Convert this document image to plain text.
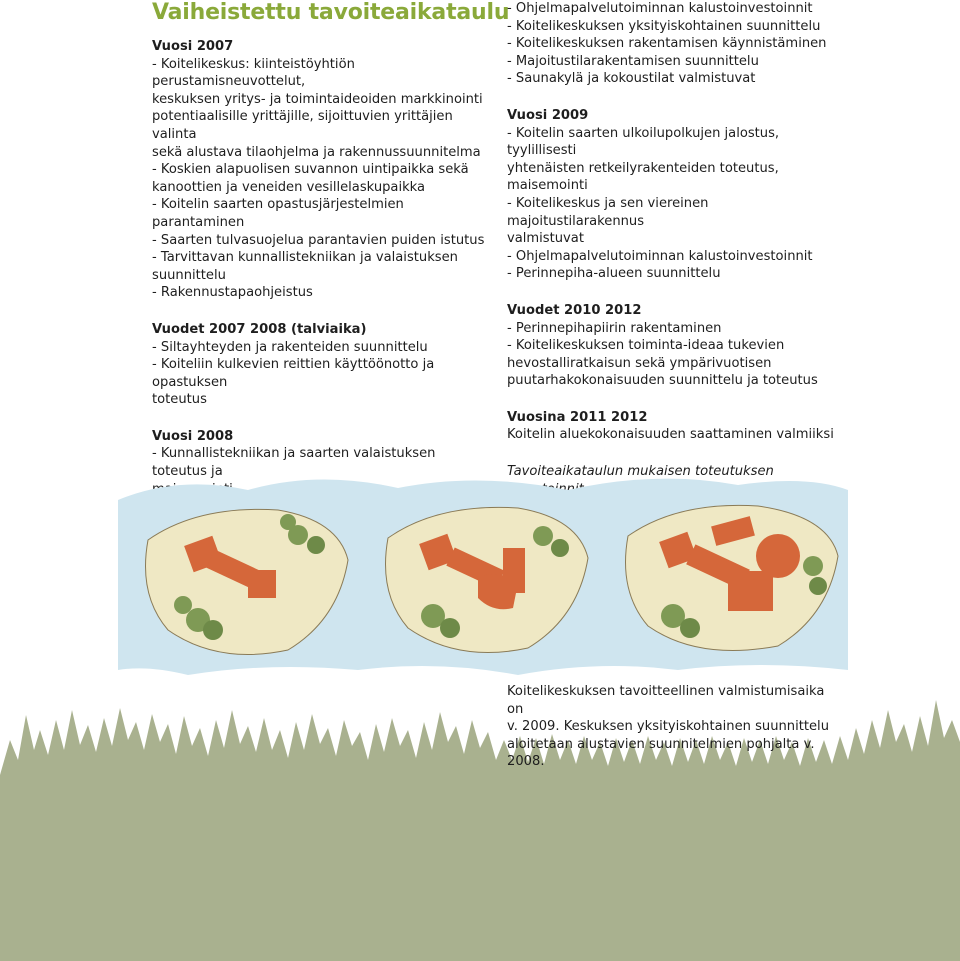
Vaiheistettu tavoiteaikataulu
Vuosi 2007
- Koitelikeskus: kiinteistöyhtiön perustamisneuvottelut,
keskuksen yritys- ja toimintaideoiden markkinointi
potentiaalisille yrittäjille, sijoittuvien yrittäjien valinta
sekä alustava tilaohjelma ja rakennussuunnitelma
- Koskien alapuolisen suvannon uintipaikka sekä
kanoottien ja veneiden vesillelaskupaikka
- Koitelin saarten opastusjärjestelmien parantaminen
- Saarten tulvasuojelua parantavien puiden istutus
- Tarvittavan kunnallistekniikan ja valaistuksen
suunnittelu
- Rakennustapaohjeistus
Vuodet 2007 2008 (talviaika)
- Siltayhteyden ja rakenteiden suunnittelu
- Koiteliin kulkevien reittien käyttöönotto ja opastuksen
toteutus
Vuosi 2008
- Kunnallistekniikan ja saarten valaistuksen toteutus ja
- Ohjelmapalvelutoiminnan kalustoinvestoinnit
- Koitelikeskuksen yksityiskohtainen suunnittelu
- Koitelikeskuksen rakentamisen käynnistäminen
- Majoitustilarakentamisen suunnittelu
- Saunakylä ja kokoustilat valmistuvat
Vuosi 2009
- Koitelin saarten ulkoilupolkujen jalostus, tyylillisesti
yhtenäisten retkeilyrakenteiden toteutus, maisemointi
- Koitelikeskus ja sen viereinen majoitustilarakennus
valmistuvat
- Ohjelmapalvelutoiminnan kalustoinvestoinnit
- Perinnepiha-alueen suunnittelu
Vuodet 2010 2012
- Perinnepihapiirin rakentaminen
- Koitelikeskuksen toiminta-ideaa tukevien
hevostalliratkaisun sekä ympärivuotisen
puutarhakokonaisuuden suunnittelu ja toteutus
Vuosina 2011 2012
Koitelin aluekokonaisuuden saattaminen valmiiksi
Tavoiteaikataulun mukaisen toteutuksen
Koitelikeskuksen tavoitteellinen valmistumisaika on
v. 2009. Keskuksen yksityiskohtainen suunnittelu
aloitetaan alustavien suunnitelmien pohjalta v. 2008.
